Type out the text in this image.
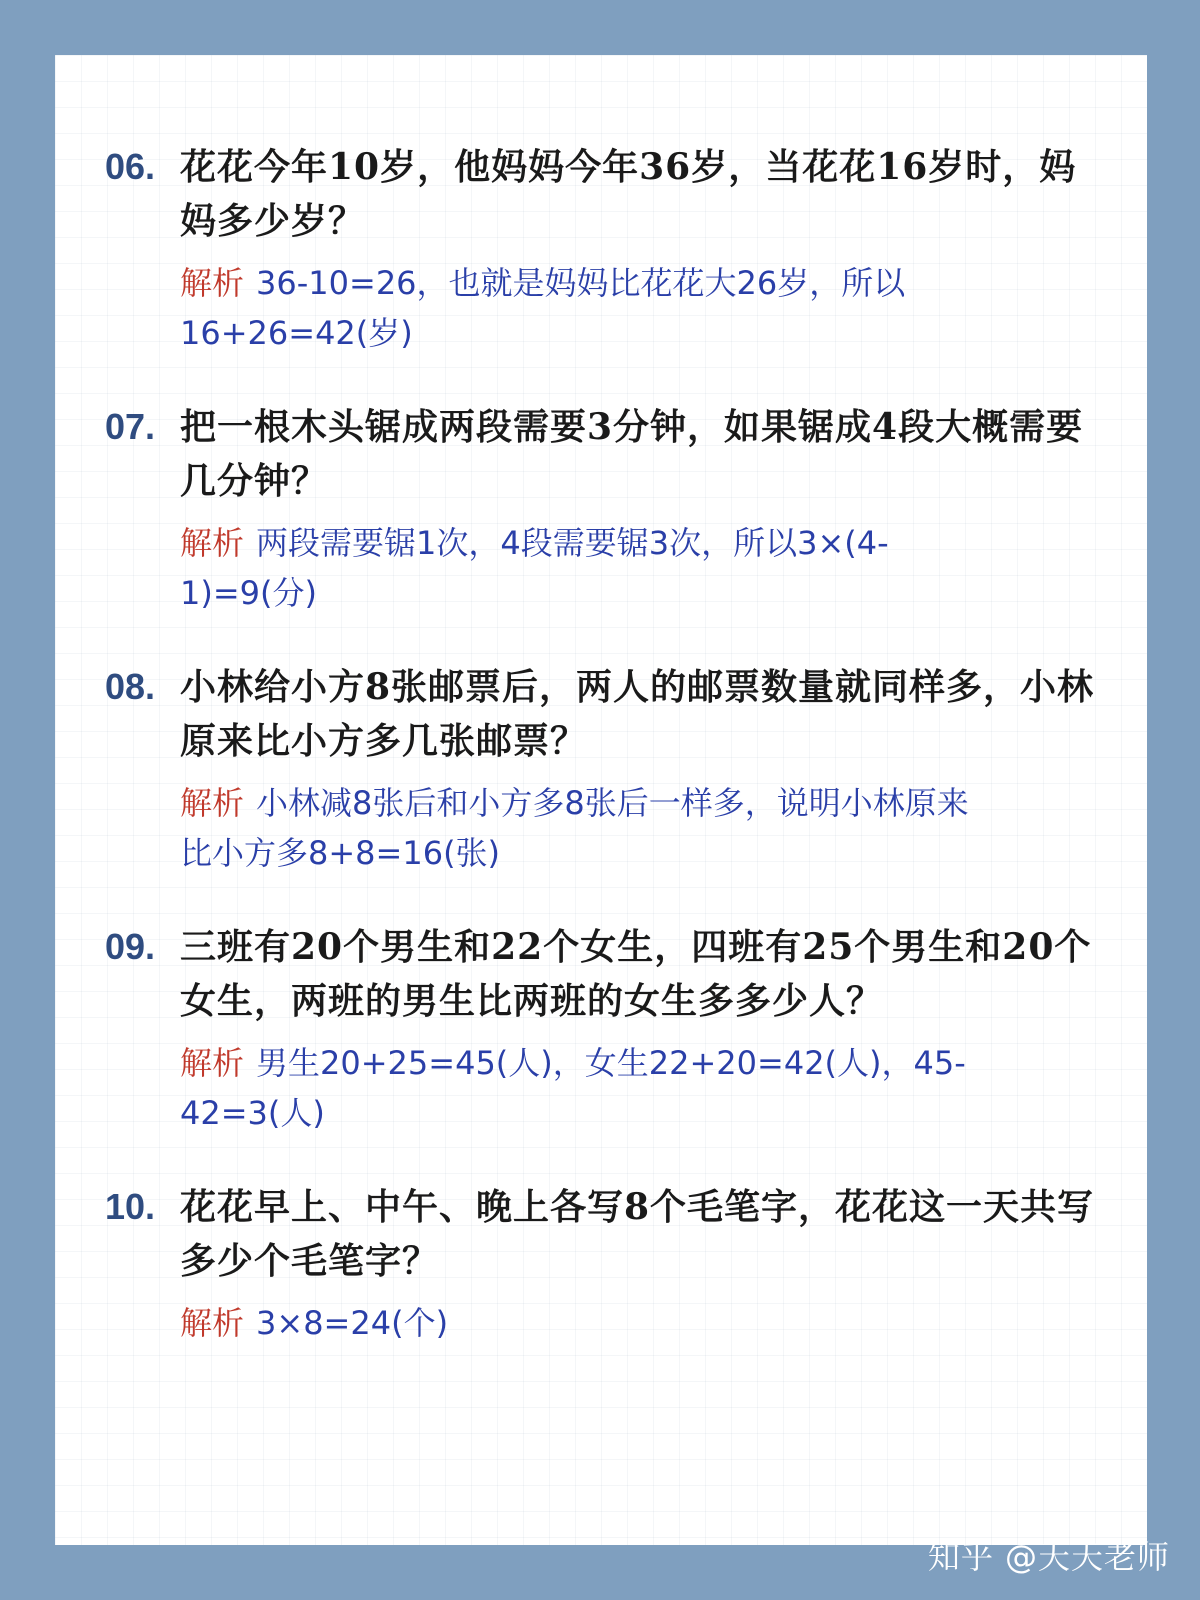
06. 花花今年10岁，他妈妈今年36岁，当花花16岁时，妈妈多少岁？
解析 36-10=26，也就是妈妈比花花大26岁，所以16+26=42(岁)
07. 把一根木头锯成两段需要3分钟，如果锯成4段大概需要几分钟？
解析 两段需要锯1次，4段需要锯3次，所以3×(4-1)=9(分)
08. 小林给小方8张邮票后，两人的邮票数量就同样多，小林原来比小方多几张邮票？
解析 小林减8张后和小方多8张后一样多，说明小林原来比小方多8+8=16(张)
09. 三班有20个男生和22个女生，四班有25个男生和20个女生，两班的男生比两班的女生多多少人？
解析 男生20+25=45(人)，女生22+20=42(人)，45-42=3(人)
10. 花花早上、中午、晚上各写8个毛笔字，花花这一天共写多少个毛笔字？
解析 3×8=24(个)
知乎 @天天老师
